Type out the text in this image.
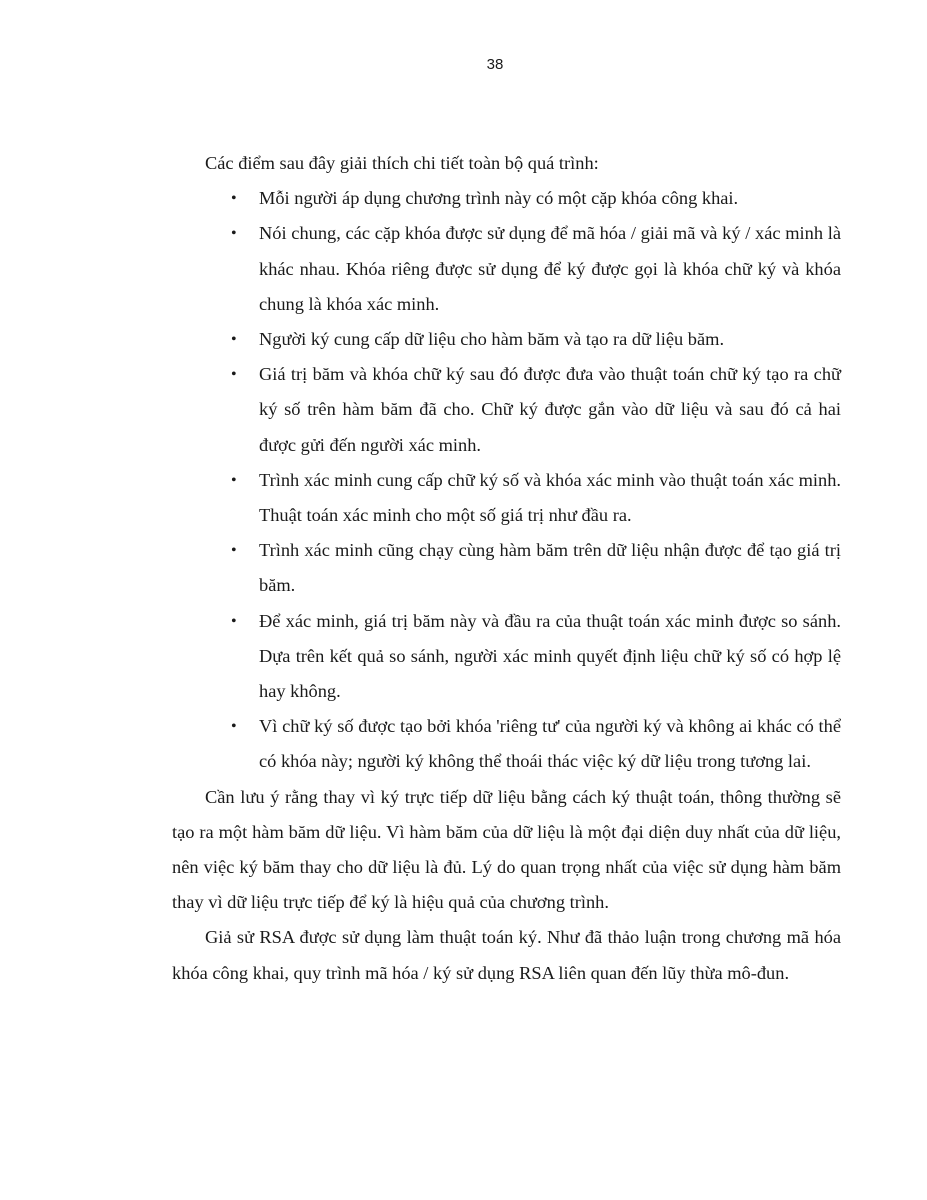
38

Các điểm sau đây giải thích chi tiết toàn bộ quá trình:

• Mỗi người áp dụng chương trình này có một cặp khóa công khai.
• Nói chung, các cặp khóa được sử dụng để mã hóa / giải mã và ký / xác minh là khác nhau. Khóa riêng được sử dụng để ký được gọi là khóa chữ ký và khóa chung là khóa xác minh.
• Người ký cung cấp dữ liệu cho hàm băm và tạo ra dữ liệu băm.
• Giá trị băm và khóa chữ ký sau đó được đưa vào thuật toán chữ ký tạo ra chữ ký số trên hàm băm đã cho. Chữ ký được gắn vào dữ liệu và sau đó cả hai được gửi đến người xác minh.
• Trình xác minh cung cấp chữ ký số và khóa xác minh vào thuật toán xác minh. Thuật toán xác minh cho một số giá trị như đầu ra.
• Trình xác minh cũng chạy cùng hàm băm trên dữ liệu nhận được để tạo giá trị băm.
• Để xác minh, giá trị băm này và đầu ra của thuật toán xác minh được so sánh. Dựa trên kết quả so sánh, người xác minh quyết định liệu chữ ký số có hợp lệ hay không.
• Vì chữ ký số được tạo bởi khóa 'riêng tư' của người ký và không ai khác có thể có khóa này; người ký không thể thoái thác việc ký dữ liệu trong tương lai.

Cần lưu ý rằng thay vì ký trực tiếp dữ liệu bằng cách ký thuật toán, thông thường sẽ tạo ra một hàm băm dữ liệu. Vì hàm băm của dữ liệu là một đại diện duy nhất của dữ liệu, nên việc ký băm thay cho dữ liệu là đủ. Lý do quan trọng nhất của việc sử dụng hàm băm thay vì dữ liệu trực tiếp để ký là hiệu quả của chương trình.

Giả sử RSA được sử dụng làm thuật toán ký. Như đã thảo luận trong chương mã hóa khóa công khai, quy trình mã hóa / ký sử dụng RSA liên quan đến lũy thừa mô-đun.
